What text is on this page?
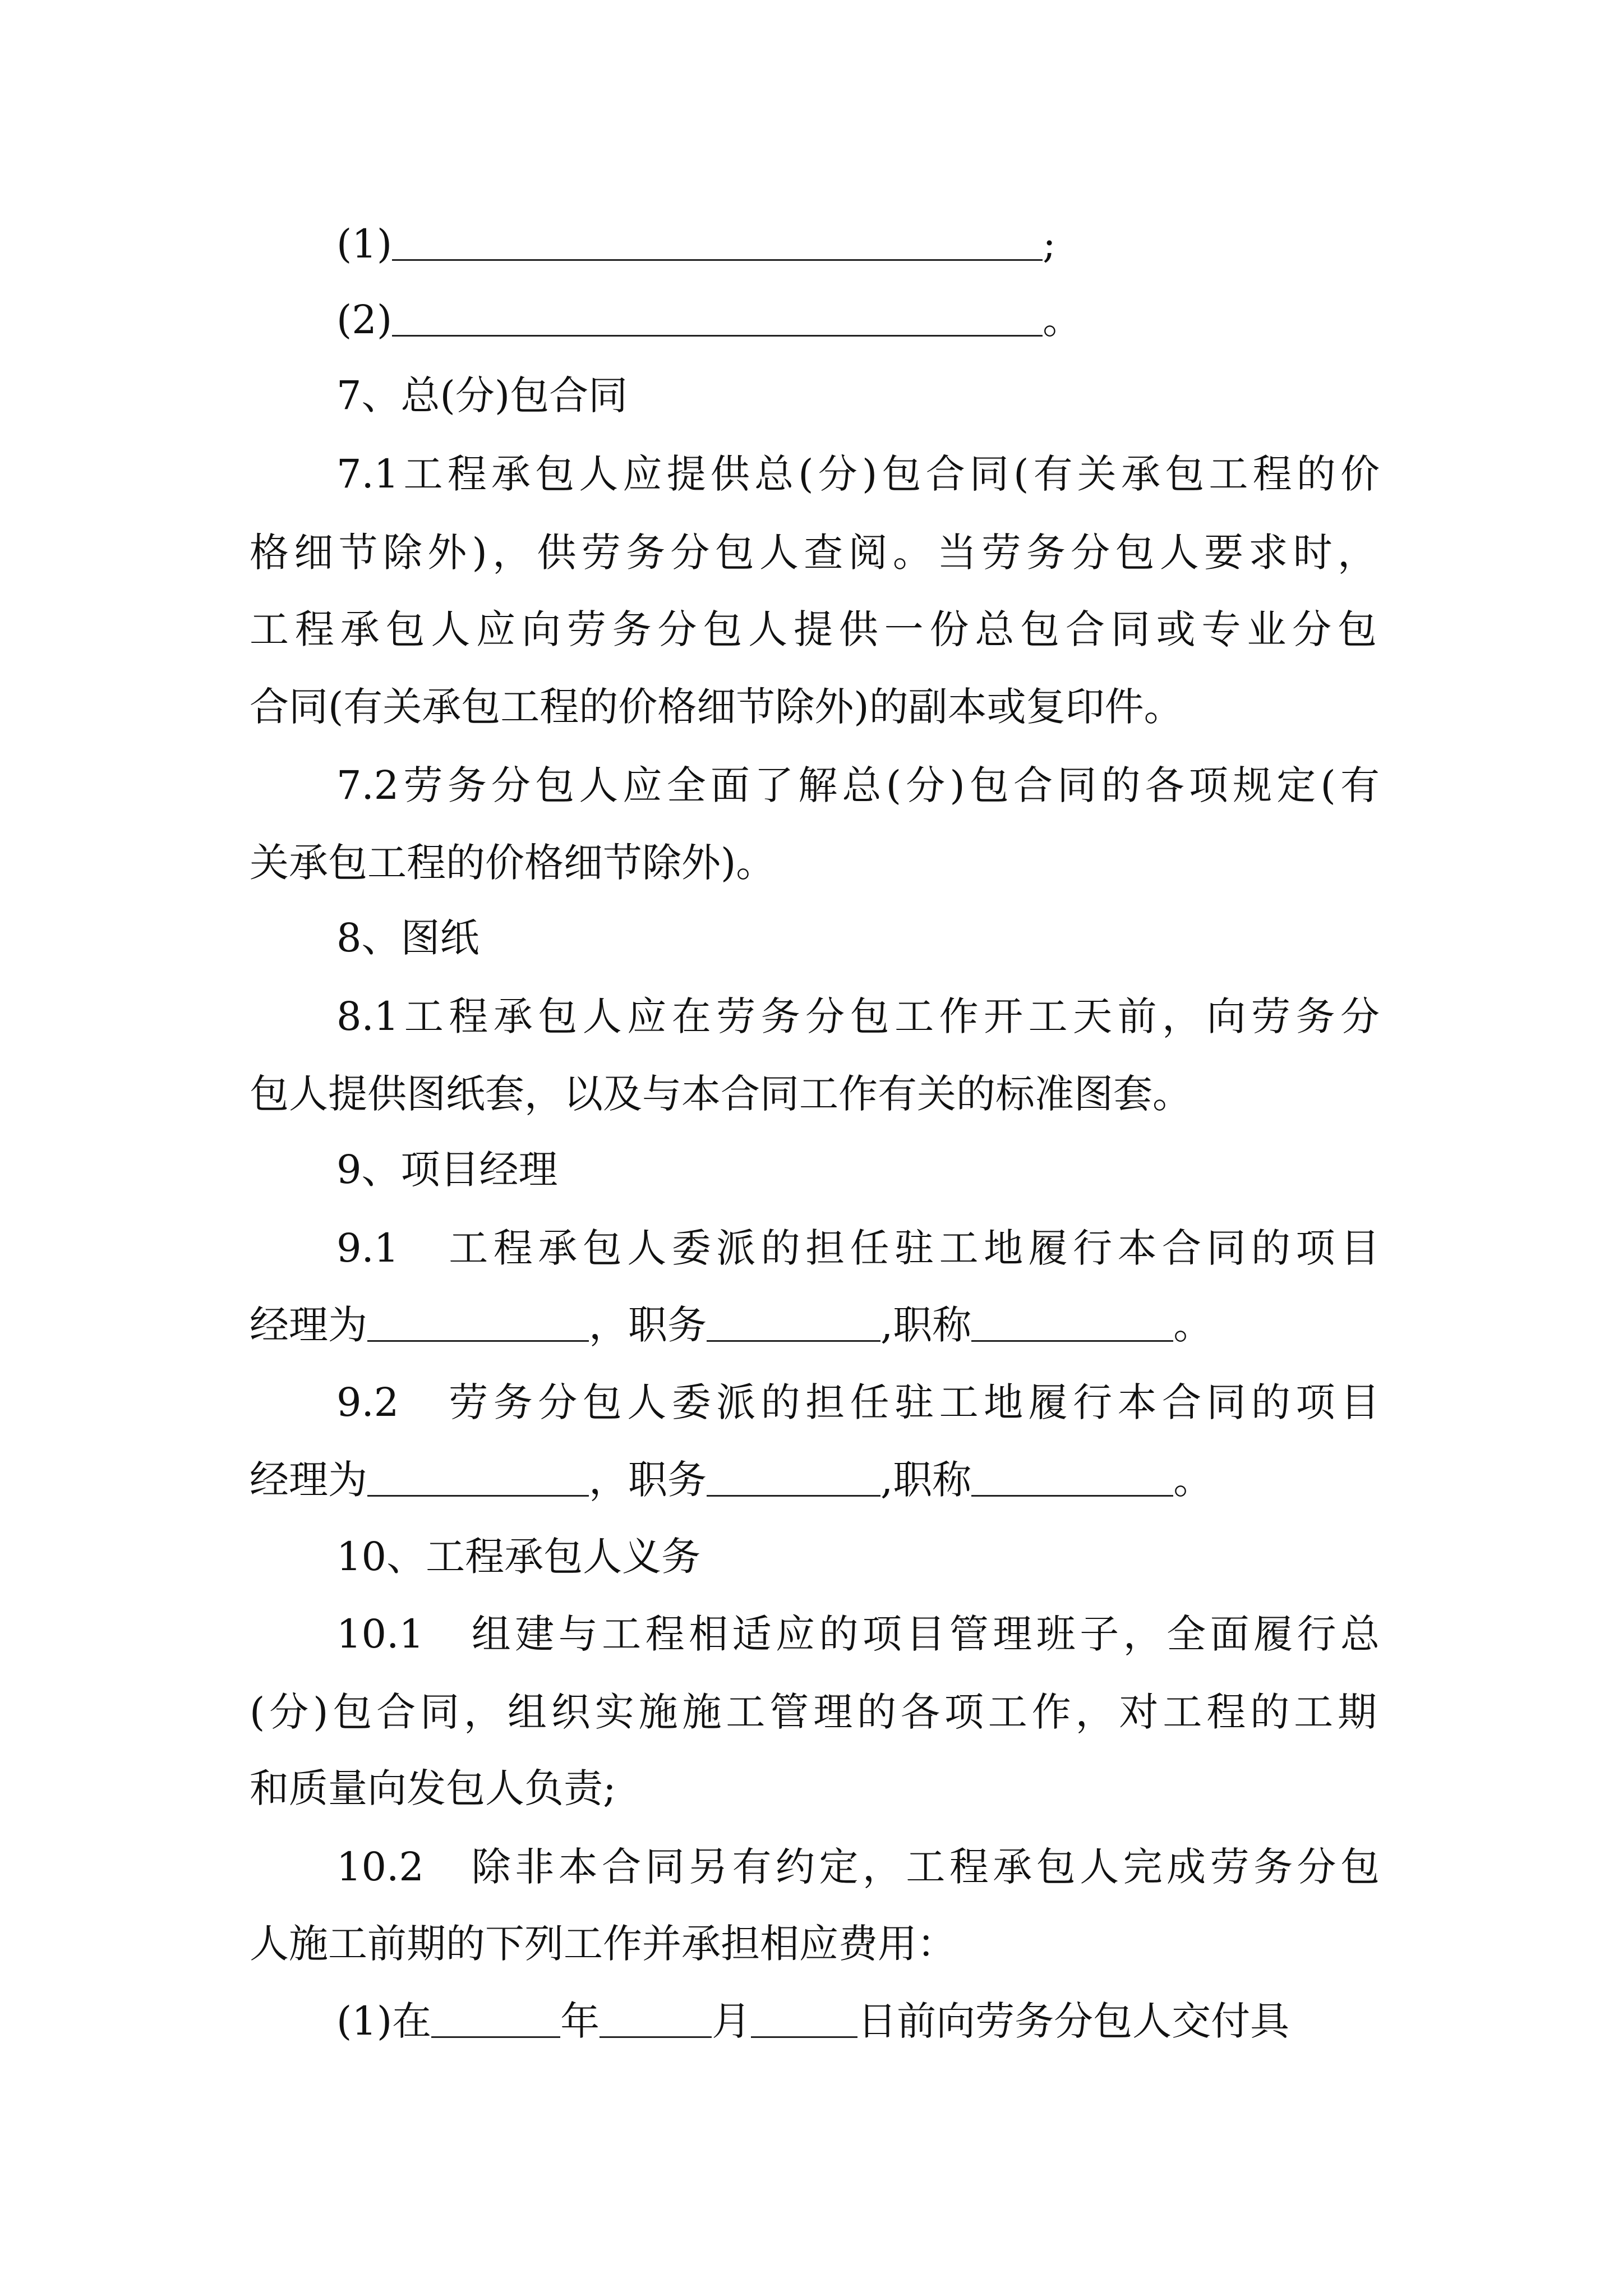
(1)	;
(2)	。
7、总(分)包合同
7.1工程承包人应提供总(分)包合同(有关承包工程的价
格细节除外)，供劳务分包人查阅。当劳务分包人要求时，
工程承包人应向劳务分包人提供一份总包合同或专业分包
合同(有关承包工程的价格细节除外)的副本或复印件。
7.2劳务分包人应全面了解总(分)包合同的各项规定(有
关承包工程的价格细节除外)。
8、图纸
8.1工程承包人应在劳务分包工作开工天前，向劳务分
包人提供图纸套，以及与本合同工作有关的标准图套。
9、项目经理
9.1　工程承包人委派的担任驻工地履行本合同的项目
经理为	，职务	,职称	。
9.2　劳务分包人委派的担任驻工地履行本合同的项目
经理为	，职务	,职称	。
10、工程承包人义务
10.1　组建与工程相适应的项目管理班子，全面履行总
(分)包合同，组织实施施工管理的各项工作，对工程的工期
和质量向发包人负责;
10.2　除非本合同另有约定，工程承包人完成劳务分包
人施工前期的下列工作并承担相应费用：
(1)在	年	月	日前向劳务分包人交付具
